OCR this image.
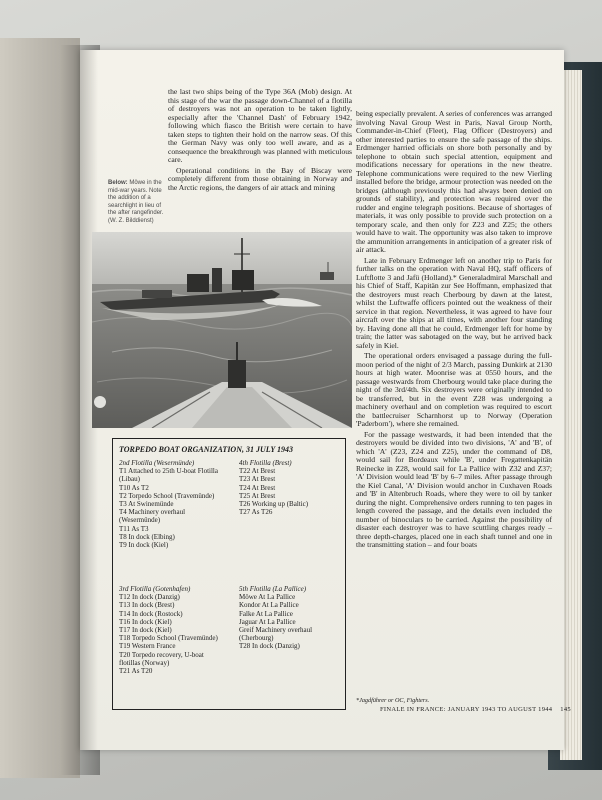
Below: Möwe in the mid-war years. Note the addition of a searchlight in lieu of the after rangefinder. (W. Z. Bilddienst)

the last two ships being of the Type 36A (Mob) design. At this stage of the war the passage down-Channel of a flotilla of destroyers was not an operation to be taken lightly, especially after the 'Channel Dash' of February 1942, following which fiasco the British were certain to have taken steps to tighten their hold on the narrow seas. Of this the German Navy was only too well aware, and as a consequence the breakthrough was planned with meticulous care.

Operational conditions in the Bay of Biscay were completely different from those obtaining in Norway and the Arctic regions, the dangers of air attack and mining

being especially prevalent. A series of conferences was arranged involving Naval Group West in Paris, Naval Group North, Commander-in-Chief (Fleet), Flag Officer (Destroyers) and other interested parties to ensure the safe passage of the ships. Erdmenger harried officials on shore both personally and by telephone to obtain such special attention, equipment and modifications necessary for operations in the new theatre. Telephone communications were required to the new Vierling installed before the bridge, armour protection was needed on the bridges (although previously this had always been denied on grounds of stability), and protection was required over the rudder and engine telegraph positions. Because of shortages of materials, it was only possible to provide such protection on a temporary scale, and then only for Z23 and Z25; the others would have to wait. The opportunity was also taken to improve the ammunition arrangements in anticipation of a greater risk of air attack.

Late in February Erdmenger left on another trip to Paris for further talks on the operation with Naval HQ, staff officers of Luftflotte 3 and Jafü (Holland).* Generaladmiral Marschall and his Chief of Staff, Kapitän zur See Hoffmann, emphasized that the destroyers must reach Cherbourg by dawn at the latest, whilst the Luftwaffe officers pointed out the weakness of their service in that region. Nevertheless, it was agreed to have four aircraft over the ships at all times, with another four standing by. Having done all that he could, Erdmenger left for home by train; the latter was sabotaged on the way, but he arrived back safely in Kiel.

The operational orders envisaged a passage during the full-moon period of the night of 2/3 March, passing Dunkirk at 2130 hours at high water. Moonrise was at 0550 hours, and the passage westwards from Cherbourg would take place during the night of the 3rd/4th. Six destroyers were originally intended to be transferred, but in the event Z28 was undergoing a machinery overhaul and on completion was required to escort the battlecruiser Scharnhorst up to Norway (Operation 'Paderborn'), where she remained.

For the passage westwards, it had been intended that the destroyers would be divided into two divisions, 'A' and 'B', of which 'A' (Z23, Z24 and Z25), under the command of D8, would sail for Bordeaux while 'B', under Fregattenkapitän Reinecke in Z28, would sail for La Pallice with Z32 and Z37; 'A' Division would lead 'B' by 6–7 miles. After passage through the Kiel Canal, 'A' Division would anchor in Cuxhaven Roads and 'B' in Altenbruch Roads, where they were to oil by tanker during the night. Comprehensive orders running to ten pages in length covered the passage, and the details even included the number of binoculars to be carried. Against the possibility of disaster each destroyer was to have scuttling charges ready – three depth-charges, placed one in each shaft tunnel and one in the transmitting station – and four boats

TORPEDO BOAT ORGANIZATION, 31 JULY 1943
2nd Flotilla (Wesermünde)
T1 Attached to 25th U-boat Flotilla
(Libau)
T10 As T2
T2 Torpedo School (Travemünde)
T3 At Swinemünde
T4 Machinery overhaul
(Wesermünde)
T11 As T3
T8 In dock (Elbing)
T9 In dock (Kiel)
3rd Flotilla (Gotenhafen)
T12 In dock (Danzig)
T13 In dock (Brest)
T14 In dock (Rostock)
T16 In dock (Kiel)
T17 In dock (Kiel)
T18 Torpedo School (Travemünde)
T19 Western France
T20 Torpedo recovery, U-boat
flotillas (Norway)
T21 As T20
4th Flotilla (Brest)
T22 At Brest
T23 At Brest
T24 At Brest
T25 At Brest
T26 Working up (Baltic)
T27 As T26
5th Flotilla (La Pallice)
Möwe At La Pallice
Kondor At La Pallice
Falke At La Pallice
Jaguar At La Pallice
Greif Machinery overhaul
(Cherbourg)
T28 In dock (Danzig)
*Jagdführer or OC, Fighters.
FINALE IN FRANCE: JANUARY 1943 TO AUGUST 1944 145
